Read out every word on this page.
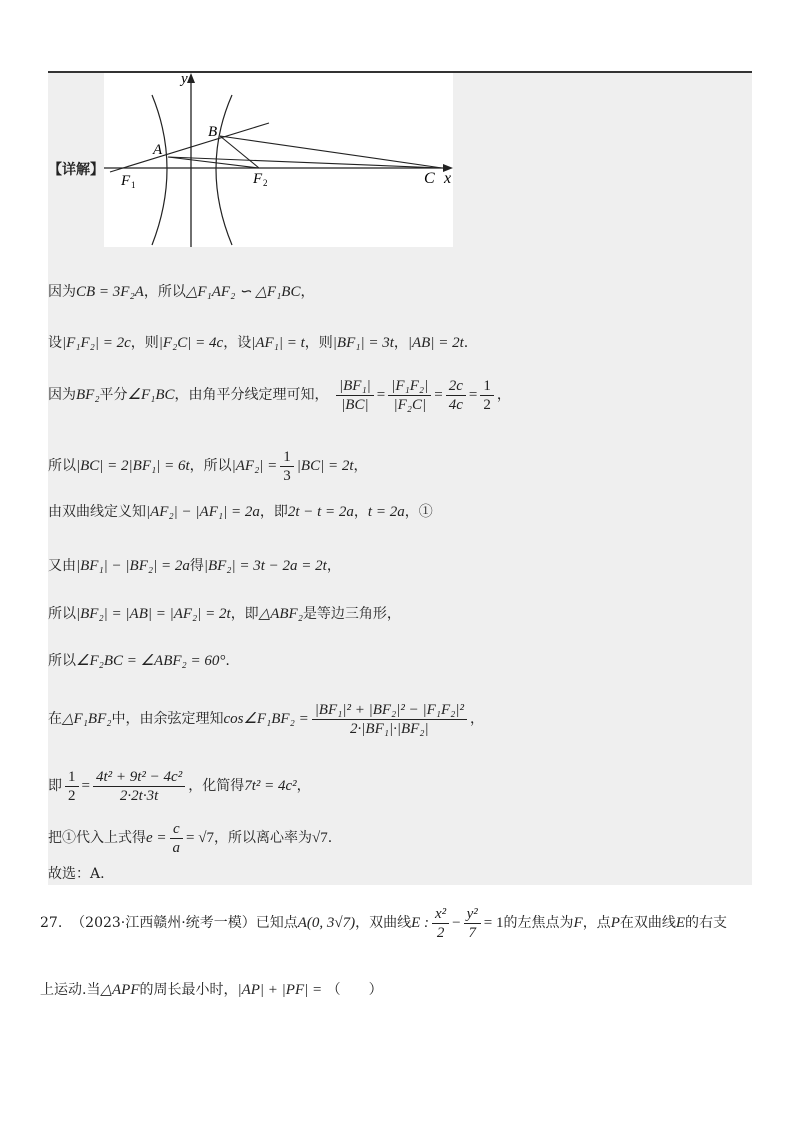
y
x
B
A
C
F 1	F 2
【详解】
因为CB = 3F₂A，所以△F₁AF₂ ∽ △F₁BC，
设|F₁F₂| = 2c，则|F₂C| = 4c，设|AF₁| = t，则|BF₁| = 3t，|AB| = 2t.
因为BF₂平分∠F₁BC，由角平分线定理可知， $\frac{\text{|BF₁|}}{|BC|} = \frac{\text{|F₁F₂|}}{\text{|F₂C|}} = \frac{2c}{4c} = \frac{1}{2}$ ，
所以|BC| = 2|BF₁| = 6t，所以$|AF_2| = \frac{1}{3} |BC| = 2t$，
由双曲线定义知|AF₂| − |AF₁| = 2a，即2t − t = 2a，t = 2a，①
又由|BF₁| − |BF₂| = 2a得|BF₂| = 3t − 2a = 2t，
所以|BF₂| = |AB| = |AF₂| = 2t，即△ABF₂是等边三角形，
所以∠F₂BC = ∠ABF₂ = 60°.
在△F₁BF₂中，由余弦定理知cos∠F₁BF₂ = $\frac{\text{|BF₁|² + |BF₂|² − |F₁F₂|²}}{\text{2·|BF₁|·|BF₂|}}$ ，
即 $\frac{1}{2} = \frac{\text{4t² + 9t² − 4c²}}{2\cdot 2t\cdot 3t}$ ，化简得7t² = 4c²，
把①代入上式得$e = \frac{c}{a} = √7$，所以离心率为√7.
故选：A.
27. （2023·江西赣州·统考一模）已知点A(0, 3√7)，双曲线E : $\frac{\text{x²}}{2} - \frac{\text{y²}}{7} = 1$的左焦点为F，点P在双曲线E的右支
上运动.当△APF的周长最小时，|AP| + |PF| = （　　）
